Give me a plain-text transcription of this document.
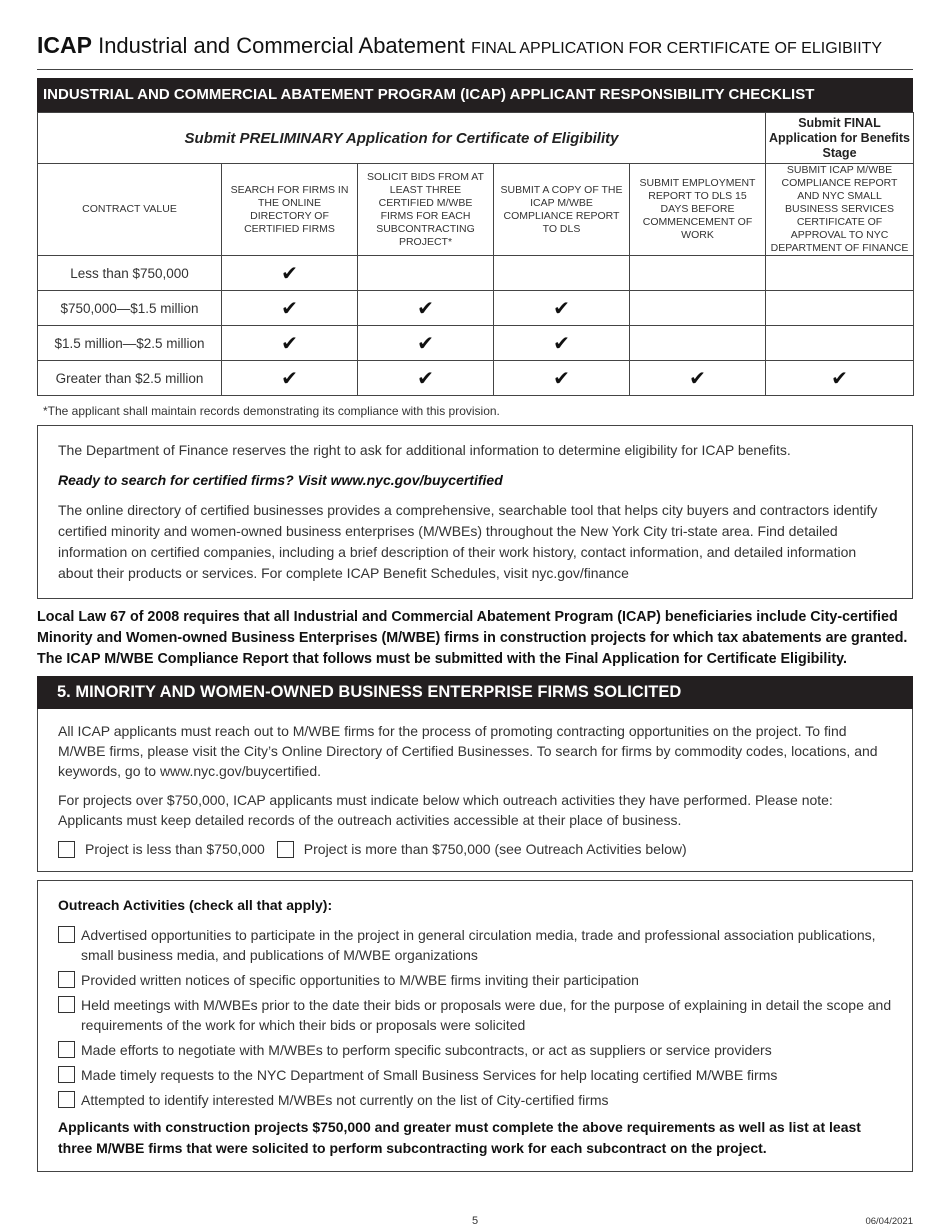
ICAP Industrial and Commercial Abatement FINAL APPLICATION FOR CERTIFICATE OF ELIGIBIITY
INDUSTRIAL AND COMMERCIAL ABATEMENT PROGRAM (ICAP) APPLICANT RESPONSIBILITY CHECKLIST
Submit PRELIMINARY Application for Certificate of Eligibility					Submit FINAL Application for Benefits Stage
CONTRACT VALUE	SEARCH FOR FIRMS IN THE ONLINE DIRECTORY OF CERTIFIED FIRMS	SOLICIT BIDS FROM AT LEAST THREE CERTIFIED M/WBE FIRMS FOR EACH SUBCONTRACTING PROJECT*	SUBMIT A COPY OF THE ICAP M/WBE COMPLIANCE REPORT TO DLS	SUBMIT EMPLOYMENT REPORT TO DLS 15 DAYS BEFORE COMMENCEMENT OF WORK	SUBMIT ICAP M/WBE COMPLIANCE REPORT AND NYC SMALL BUSINESS SERVICES CERTIFICATE OF APPROVAL TO NYC DEPARTMENT OF FINANCE
Less than $750,000	✔				
$750,000—$1.5 million	✔	✔	✔		
$1.5 million—$2.5 million	✔	✔	✔		
Greater than $2.5 million	✔	✔	✔	✔	✔
*The applicant shall maintain records demonstrating its compliance with this provision.

The Department of Finance reserves the right to ask for additional information to determine eligibility for ICAP benefits.

Ready to search for certified firms? Visit www.nyc.gov/buycertified

The online directory of certified businesses provides a comprehensive, searchable tool that helps city buyers and contractors identify certified minority and women-owned business enterprises (M/WBEs) throughout the New York City tri-state area. Find detailed information on certified companies, including a brief description of their work history, contact information, and detailed information about their products or services. For complete ICAP Benefit Schedules, visit nyc.gov/finance

Local Law 67 of 2008 requires that all Industrial and Commercial Abatement Program (ICAP) beneficiaries include City-certified Minority and Women-owned Business Enterprises (M/WBE) firms in construction projects for which tax abatements are granted. The ICAP M/WBE Compliance Report that follows must be submitted with the Final Application for Certificate Eligibility.
5. MINORITY AND WOMEN-OWNED BUSINESS ENTERPRISE FIRMS SOLICITED

All ICAP applicants must reach out to M/WBE firms for the process of promoting contracting opportunities on the project. To find M/WBE firms, please visit the City’s Online Directory of Certified Businesses. To search for firms by commodity codes, locations, and keywords, go to www.nyc.gov/buycertified.

For projects over $750,000, ICAP applicants must indicate below which outreach activities they have performed. Please note: Applicants must keep detailed records of the outreach activities accessible at their place of business.

Project is less than $750,000	Project is more than $750,000 (see Outreach Activities below)
Outreach Activities (check all that apply):
Advertised opportunities to participate in the project in general circulation media, trade and professional association publications, small business media, and publications of M/WBE organizations
Provided written notices of specific opportunities to M/WBE firms inviting their participation
Held meetings with M/WBEs prior to the date their bids or proposals were due, for the purpose of explaining in detail the scope and requirements of the work for which their bids or proposals were solicited
Made efforts to negotiate with M/WBEs to perform specific subcontracts, or act as suppliers or service providers
Made timely requests to the NYC Department of Small Business Services for help locating certified M/WBE firms
Attempted to identify interested M/WBEs not currently on the list of City-certified firms
Applicants with construction projects $750,000 and greater must complete the above requirements as well as list at least three M/WBE firms that were solicited to perform subcontracting work for each subcontract on the project.
5	06/04/2021
